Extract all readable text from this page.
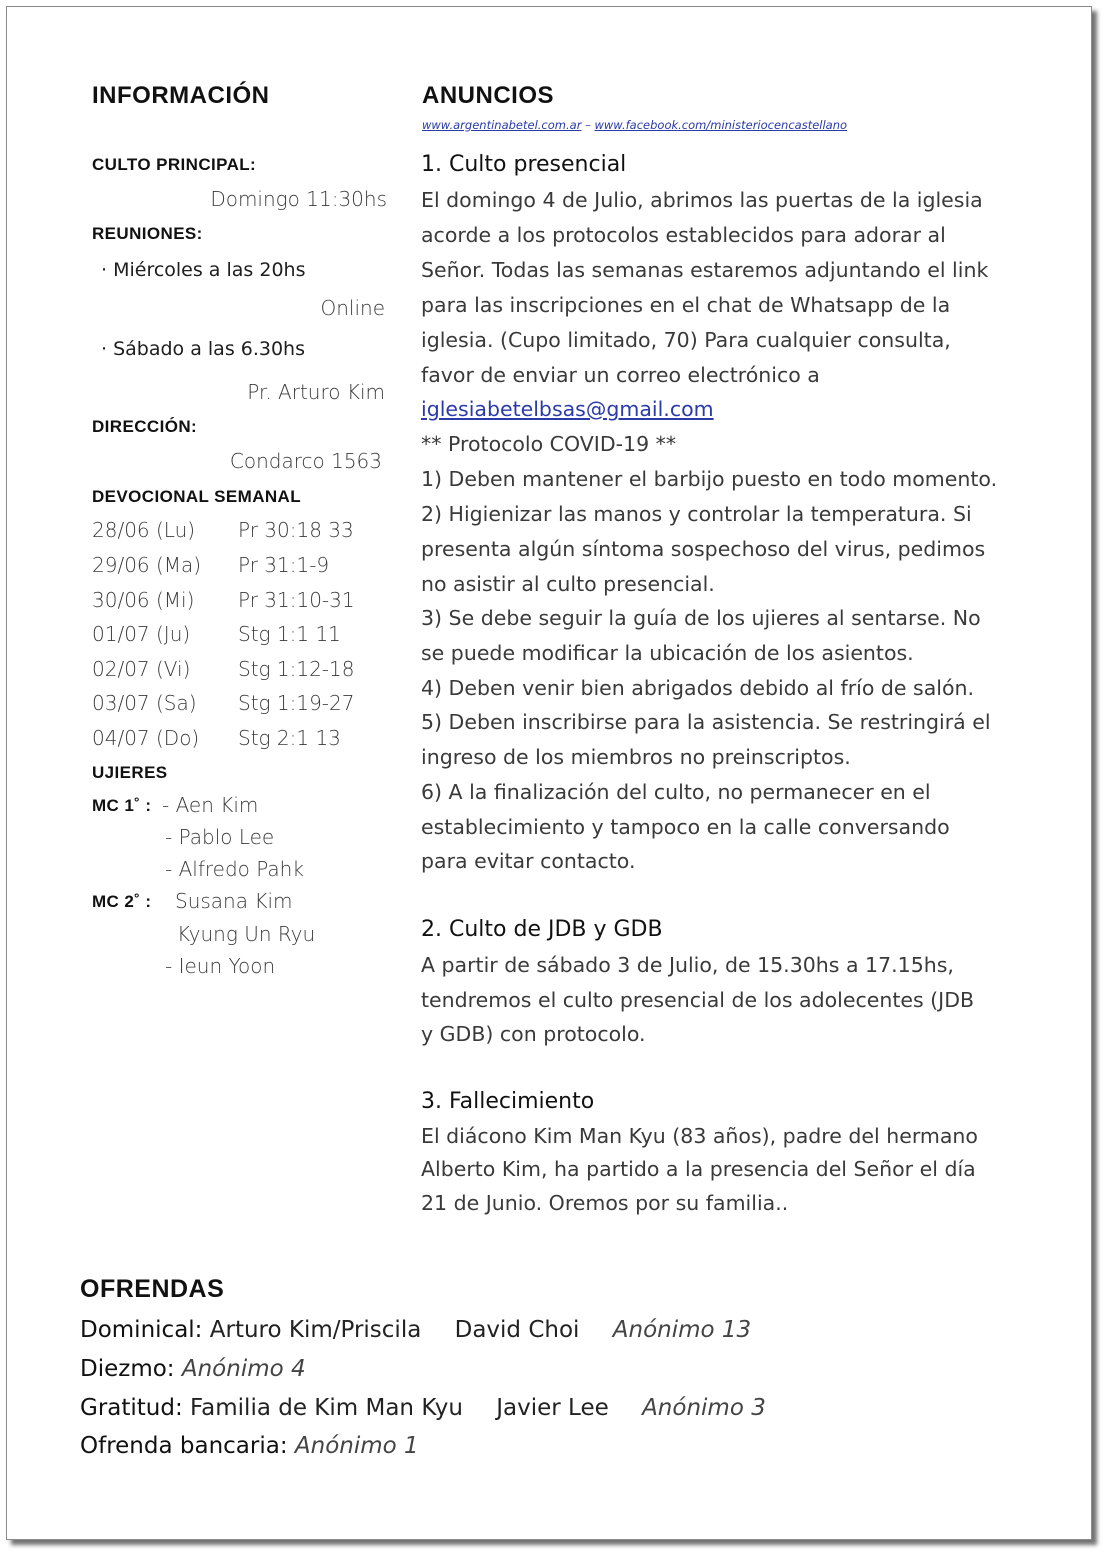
INFORMACIÓN
CULTO PRINCIPAL:
Domingo 11:30hs
REUNIONES:
· Miércoles a las 20hs
Online
· Sábado a las 6.30hs
Pr. Arturo Kim
DIRECCIÓN:
Condarco 1563
DEVOCIONAL SEMANAL
28/06 (Lu) Pr 30:18 33
29/06 (Ma) Pr 31:1-9
30/06 (Mi) Pr 31:10-31
01/07 (Ju) Stg 1:1 11
02/07 (Vi) Stg 1:12-18
03/07 (Sa) Stg 1:19-27
04/07 (Do) Stg 2:1 13
UJIERES
MC 1˚ : - Aen Kim
- Pablo Lee
- Alfredo Pahk
MC 2˚ : Susana Kim
Kyung Un Ryu
- Ieun Yoon
ANUNCIOS
www.argentinabetel.com.ar – www.facebook.com/ministeriocencastellano
1. Culto presencial
El domingo 4 de Julio, abrimos las puertas de la iglesia
acorde a los protocolos establecidos para adorar al
Señor. Todas las semanas estaremos adjuntando el link
para las inscripciones en el chat de Whatsapp de la
iglesia. (Cupo limitado, 70) Para cualquier consulta,
favor de enviar un correo electrónico a
iglesiabetelbsas@gmail.com
** Protocolo COVID-19 **
1) Deben mantener el barbijo puesto en todo momento.
2) Higienizar las manos y controlar la temperatura. Si
presenta algún síntoma sospechoso del virus, pedimos
no asistir al culto presencial.
3) Se debe seguir la guía de los ujieres al sentarse. No
se puede modificar la ubicación de los asientos.
4) Deben venir bien abrigados debido al frío de salón.
5) Deben inscribirse para la asistencia. Se restringirá el
ingreso de los miembros no preinscriptos.
6) A la finalización del culto, no permanecer en el
establecimiento y tampoco en la calle conversando
para evitar contacto.
2. Culto de JDB y GDB
A partir de sábado 3 de Julio, de 15.30hs a 17.15hs,
tendremos el culto presencial de los adolecentes (JDB
y GDB) con protocolo.
3. Fallecimiento
El diácono Kim Man Kyu (83 años), padre del hermano
Alberto Kim, ha partido a la presencia del Señor el día
21 de Junio. Oremos por su familia..
OFRENDAS
Dominical: Arturo Kim/Priscila David Choi Anónimo 13
Diezmo: Anónimo 4
Gratitud: Familia de Kim Man Kyu Javier Lee Anónimo 3
Ofrenda bancaria: Anónimo 1
